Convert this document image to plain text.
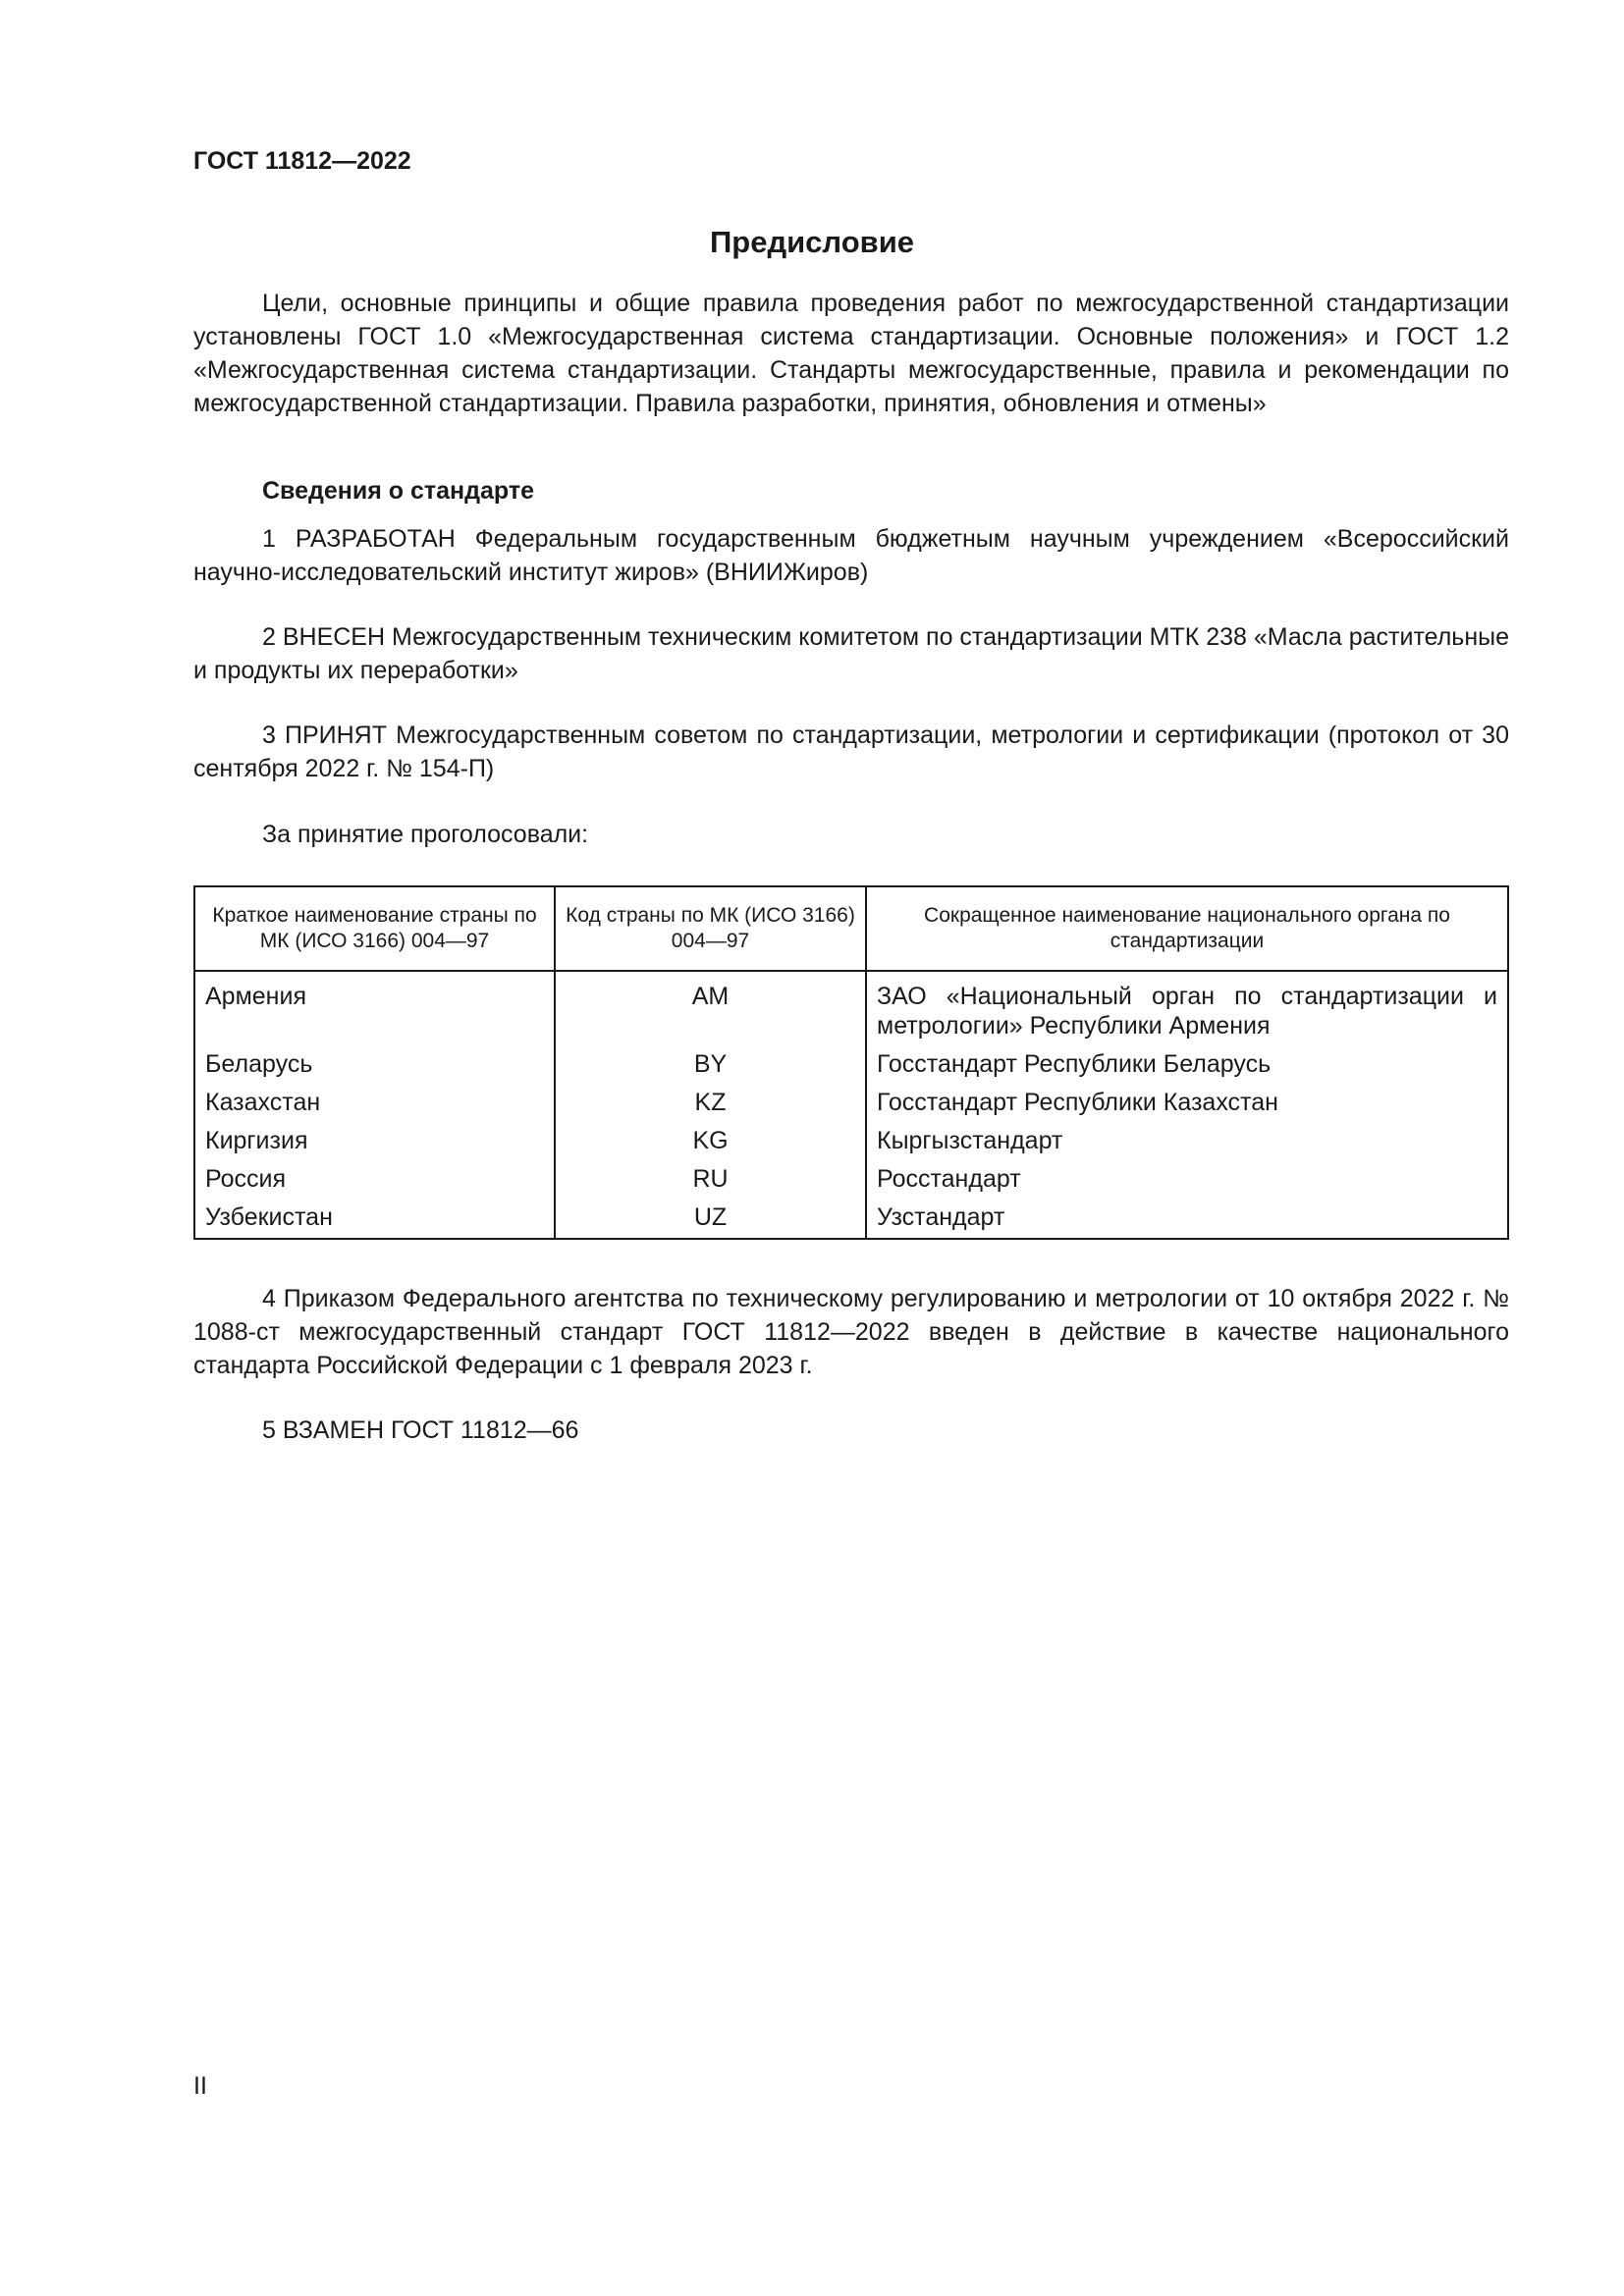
ГОСТ 11812—2022
Предисловие

Цели, основные принципы и общие правила проведения работ по межгосударственной стандартизации установлены ГОСТ 1.0 «Межгосударственная система стандартизации. Основные положения» и ГОСТ 1.2 «Межгосударственная система стандартизации. Стандарты межгосударственные, правила и рекомендации по межгосударственной стандартизации. Правила разработки, принятия, обновления и отмены»

Сведения о стандарте

1 РАЗРАБОТАН Федеральным государственным бюджетным научным учреждением «Всероссийский научно-исследовательский институт жиров» (ВНИИЖиров)

2 ВНЕСЕН Межгосударственным техническим комитетом по стандартизации МТК 238 «Масла растительные и продукты их переработки»

3 ПРИНЯТ Межгосударственным советом по стандартизации, метрологии и сертификации (протокол от 30 сентября 2022 г. № 154-П)

За принятие проголосовали:
Краткое наименование страны по МК (ИСО 3166) 004—97	Код страны по МК (ИСО 3166) 004—97	Сокращенное наименование национального органа по стандартизации
Армения	AM	ЗАО «Национальный орган по стандартизации и метрологии» Республики Армения
Беларусь	BY	Госстандарт Республики Беларусь
Казахстан	KZ	Госстандарт Республики Казахстан
Киргизия	KG	Кыргызстандарт
Россия	RU	Росстандарт
Узбекистан	UZ	Узстандарт

4 Приказом Федерального агентства по техническому регулированию и метрологии от 10 октября 2022 г. № 1088-ст межгосударственный стандарт ГОСТ 11812—2022 введен в действие в качестве национального стандарта Российской Федерации с 1 февраля 2023 г.

5 ВЗАМЕН ГОСТ 11812—66

II
